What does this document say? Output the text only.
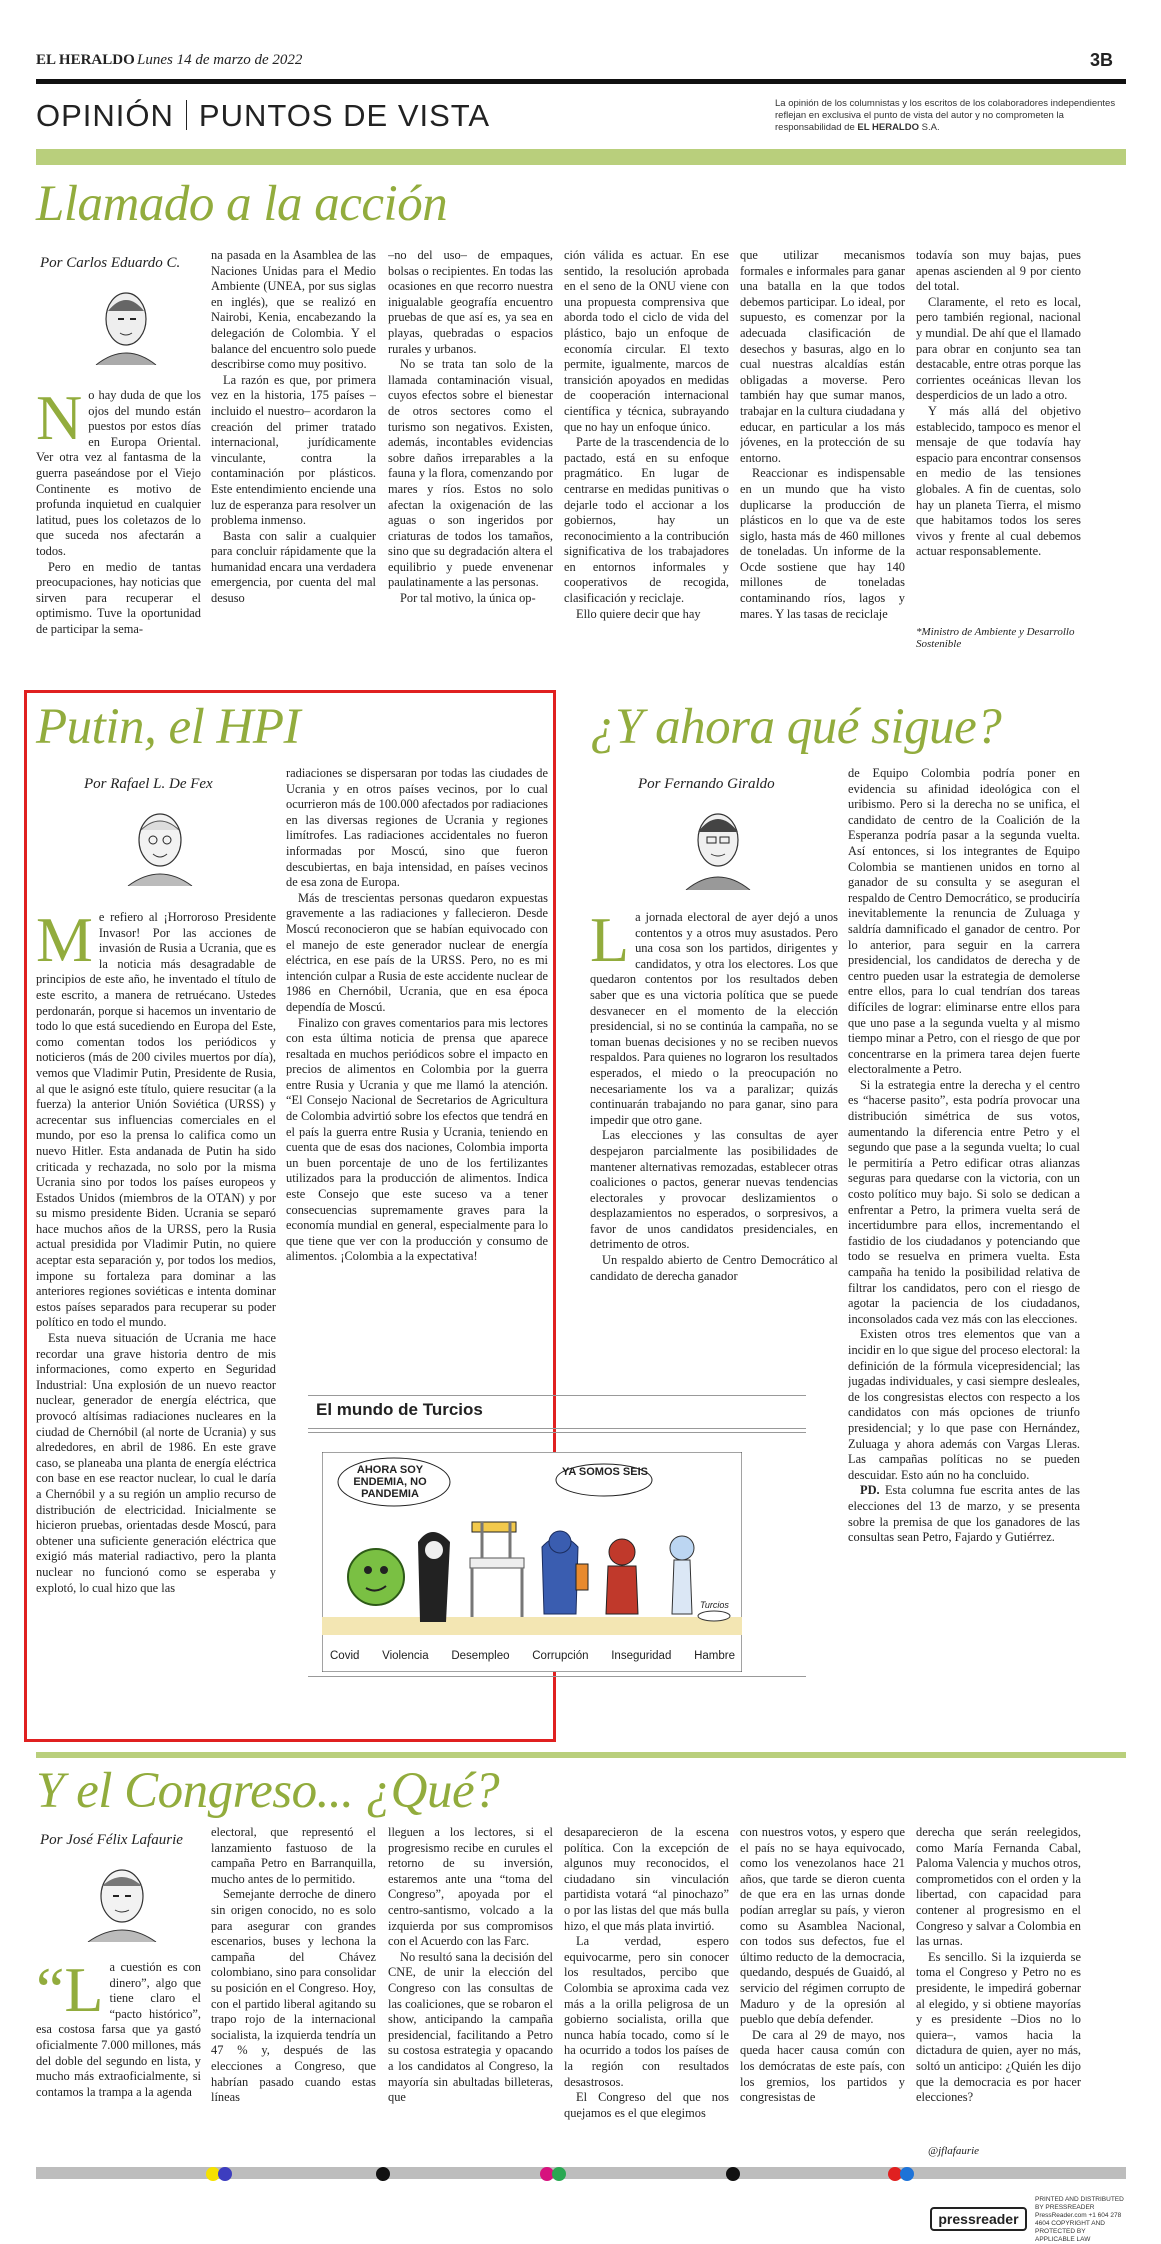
EL HERALDO Lunes 14 de marzo de 2022	3B
OPINIÓN PUNTOS DE VISTA	La opinión de los columnistas y los escritos de los colaboradores independientes reflejan en exclusiva el punto de vista del autor y no comprometen la responsabilidad de EL HERALDO S.A.
Llamado a la acción
Por Carlos Eduardo C.
N o hay duda de que los ojos del mundo están puestos por estos días en Europa Oriental. Ver otra vez al fantasma de la guerra paseándose por el Viejo Continente es motivo de profunda inquietud en cualquier latitud, pues los coletazos de lo que suceda nos afectarán a todos.

Pero en medio de tantas preocupaciones, hay noticias que sirven para recuperar el optimismo. Tuve la oportunidad de participar la sema-

na pasada en la Asamblea de las Naciones Unidas para el Medio Ambiente (UNEA, por sus siglas en inglés), que se realizó en Nairobi, Kenia, encabezando la delegación de Colombia. Y el balance del encuentro solo puede describirse como muy positivo.

La razón es que, por primera vez en la historia, 175 países –incluido el nuestro– acordaron la creación del primer tratado internacional, jurídicamente vinculante, contra la contaminación por plásticos. Este entendimiento enciende una luz de esperanza para resolver un problema inmenso.

Basta con salir a cualquier para concluir rápidamente que la humanidad encara una verdadera emergencia, por cuenta del mal desuso

–no del uso– de empaques, bolsas o recipientes. En todas las ocasiones en que recorro nuestra inigualable geografía encuentro pruebas de que así es, ya sea en playas, quebradas o espacios rurales y urbanos.

No se trata tan solo de la llamada contaminación visual, cuyos efectos sobre el bienestar de otros sectores como el turismo son negativos. Existen, además, incontables evidencias sobre daños irreparables a la fauna y la flora, comenzando por mares y ríos. Estos no solo afectan la oxigenación de las aguas o son ingeridos por criaturas de todos los tamaños, sino que su degradación altera el equilibrio y puede envenenar paulatinamente a las personas.

Por tal motivo, la única op-

ción válida es actuar. En ese sentido, la resolución aprobada en el seno de la ONU viene con una propuesta comprensiva que aborda todo el ciclo de vida del plástico, bajo un enfoque de economía circular. El texto permite, igualmente, marcos de transición apoyados en medidas de cooperación internacional científica y técnica, subrayando que no hay un enfoque único.

Parte de la trascendencia de lo pactado, está en su enfoque pragmático. En lugar de centrarse en medidas punitivas o dejarle todo el accionar a los gobiernos, hay un reconocimiento a la contribución significativa de los trabajadores en entornos informales y cooperativos de recogida, clasificación y reciclaje.

Ello quiere decir que hay

que utilizar mecanismos formales e informales para ganar una batalla en la que todos debemos participar. Lo ideal, por supuesto, es comenzar por la adecuada clasificación de desechos y basuras, algo en lo cual nuestras alcaldías están obligadas a moverse. Pero también hay que sumar manos, trabajar en la cultura ciudadana y educar, en particular a los más jóvenes, en la protección de su entorno.

Reaccionar es indispensable en un mundo que ha visto duplicarse la producción de plásticos en lo que va de este siglo, hasta más de 460 millones de toneladas. Un informe de la Ocde sostiene que hay 140 millones de toneladas contaminando ríos, lagos y mares. Y las tasas de reciclaje

todavía son muy bajas, pues apenas ascienden al 9 por ciento del total.

Claramente, el reto es local, pero también regional, nacional y mundial. De ahí que el llamado para obrar en conjunto sea tan destacable, entre otras porque las corrientes oceánicas llevan los desperdicios de un lado a otro.

Y más allá del objetivo establecido, tampoco es menor el mensaje de que todavía hay espacio para encontrar consensos en medio de las tensiones globales. A fin de cuentas, solo hay un planeta Tierra, el mismo que habitamos todos los seres vivos y frente al cual debemos actuar responsablemente.

*Ministro de Ambiente y Desarrollo Sostenible
Putin, el HPI
Por Rafael L. De Fex
M e refiero al ¡Horroroso Presidente Invasor! Por las acciones de invasión de Rusia a Ucrania, que es la noticia más desagradable de principios de este año, he inventado el título de este escrito, a manera de retruécano. Ustedes perdonarán, porque si hacemos un inventario de todo lo que está sucediendo en Europa del Este, como comentan todos los periódicos y noticieros (más de 200 civiles muertos por día), vemos que Vladimir Putin, Presidente de Rusia, al que le asignó este título, quiere resucitar (a la fuerza) la anterior Unión Soviética (URSS) y acrecentar sus influencias comerciales en el mundo, por eso la prensa lo califica como un nuevo Hitler. Esta andanada de Putin ha sido criticada y rechazada, no solo por la misma Ucrania sino por todos los países europeos y Estados Unidos (miembros de la OTAN) y por su mismo presidente Biden. Ucrania se separó hace muchos años de la URSS, pero la Rusia actual presidida por Vladimir Putin, no quiere aceptar esta separación y, por todos los medios, impone su fortaleza para dominar a las anteriores regiones soviéticas e intenta dominar estos países separados para recuperar su poder político en todo el mundo.

Esta nueva situación de Ucrania me hace recordar una grave historia dentro de mis informaciones, como experto en Seguridad Industrial: Una explosión de un nuevo reactor nuclear, generador de energía eléctrica, que provocó altísimas radiaciones nucleares en la ciudad de Chernóbil (al norte de Ucrania) y sus alrededores, en abril de 1986. En este grave caso, se planeaba una planta de energía eléctrica con base en ese reactor nuclear, lo cual le daría a Chernóbil y a su región un amplio recurso de distribución de electricidad. Inicialmente se hicieron pruebas, orientadas desde Moscú, para obtener una suficiente generación eléctrica que exigió más material radiactivo, pero la planta nuclear no funcionó como se esperaba y explotó, lo cual hizo que las

radiaciones se dispersaran por todas las ciudades de Ucrania y en otros países vecinos, por lo cual ocurrieron más de 100.000 afectados por radiaciones en las diversas regiones de Ucrania y regiones limítrofes. Las radiaciones accidentales no fueron informadas por Moscú, sino que fueron descubiertas, en baja intensidad, en países vecinos de esa zona de Europa.

Más de trescientas personas quedaron expuestas gravemente a las radiaciones y fallecieron. Desde Moscú reconocieron que se habían equivocado con el manejo de este generador nuclear de energía eléctrica, en ese país de la URSS. Pero, no es mi intención culpar a Rusia de este accidente nuclear de 1986 en Chernóbil, Ucrania, que en esa época dependía de Moscú.

Finalizo con graves comentarios para mis lectores con esta última noticia de prensa que aparece resaltada en muchos periódicos sobre el impacto en precios de alimentos en Colombia por la guerra entre Rusia y Ucrania y que me llamó la atención. “El Consejo Nacional de Secretarios de Agricultura de Colombia advirtió sobre los efectos que tendrá en el país la guerra entre Rusia y Ucrania, teniendo en cuenta que de esas dos naciones, Colombia importa un buen porcentaje de uno de los fertilizantes utilizados para la producción de alimentos. Indica este Consejo que este suceso va a tener consecuencias supremamente graves para la economía mundial en general, especialmente para lo que tiene que ver con la producción y consumo de alimentos. ¡Colombia a la expectativa!

El mundo de Turcios
AHORA SOY ENDEMIA, NO PANDEMIA
YA SOMOS SEIS
Turcios
Covid Violencia Desempleo Corrupción Inseguridad Hambre
¿Y ahora qué sigue?
Por Fernando Giraldo
L a jornada electoral de ayer dejó a unos contentos y a otros muy asustados. Pero una cosa son los partidos, dirigentes y candidatos, y otra los electores. Los que quedaron contentos por los resultados deben saber que es una victoria política que se puede desvanecer en el momento de la elección presidencial, si no se continúa la campaña, no se toman buenas decisiones y no se reciben nuevos respaldos. Para quienes no lograron los resultados esperados, el miedo o la preocupación no necesariamente los va a paralizar; quizás continuarán trabajando no para ganar, sino para impedir que otro gane.

Las elecciones y las consultas de ayer despejaron parcialmente las posibilidades de mantener alternativas remozadas, establecer otras coaliciones o pactos, generar nuevas tendencias electorales y provocar deslizamientos o desplazamientos no esperados, o sorpresivos, a favor de unos candidatos presidenciales, en detrimento de otros.

Un respaldo abierto de Centro Democrático al candidato de derecha ganador

de Equipo Colombia podría poner en evidencia su afinidad ideológica con el uribismo. Pero si la derecha no se unifica, el candidato de centro de la Coalición de la Esperanza podría pasar a la segunda vuelta. Así entonces, si los integrantes de Equipo Colombia se mantienen unidos en torno al ganador de su consulta y se aseguran el respaldo de Centro Democrático, se produciría inevitablemente la renuncia de Zuluaga y saldría damnificado el ganador de centro. Por lo anterior, para seguir en la carrera presidencial, los candidatos de derecha y de centro pueden usar la estrategia de demolerse entre ellos, para lo cual tendrían dos tareas difíciles de lograr: eliminarse entre ellos para que uno pase a la segunda vuelta y al mismo tiempo minar a Petro, con el riesgo de que por concentrarse en la primera tarea dejen fuerte electoralmente a Petro.

Si la estrategia entre la derecha y el centro es “hacerse pasito”, esta podría provocar una distribución simétrica de sus votos, aumentando la diferencia entre Petro y el segundo que pase a la segunda vuelta; lo cual le permitiría a Petro edificar otras alianzas seguras para quedarse con la victoria, con un costo político muy bajo. Si solo se dedican a enfrentar a Petro, la primera vuelta será de incertidumbre para ellos, incrementando el fastidio de los ciudadanos y potenciando que todo se resuelva en primera vuelta. Esta campaña ha tenido la posibilidad relativa de filtrar los candidatos, pero con el riesgo de agotar la paciencia de los ciudadanos, inconsolados cada vez más con las elecciones.

Existen otros tres elementos que van a incidir en lo que sigue del proceso electoral: la definición de la fórmula vicepresidencial; las jugadas individuales, y casi siempre desleales, de los congresistas electos con respecto a los candidatos con más opciones de triunfo presidencial; y lo que pase con Hernández, Zuluaga y ahora además con Vargas Lleras. Las campañas políticas no se pueden descuidar. Esto aún no ha concluido.

PD. Esta columna fue escrita antes de las elecciones del 13 de marzo, y se presenta sobre la premisa de que los ganadores de las consultas sean Petro, Fajardo y Gutiérrez.

Y el Congreso... ¿Qué?
Por José Félix Lafaurie
“L a cuestión es con dinero”, algo que tiene claro el “pacto histórico”, esa costosa farsa que ya gastó oficialmente 7.000 millones, más del doble del segundo en lista, y mucho más extraoficialmente, si contamos la trampa a la agenda

electoral, que representó el lanzamiento fastuoso de la campaña Petro en Barranquilla, mucho antes de lo permitido.

Semejante derroche de dinero sin origen conocido, no es solo para asegurar con grandes escenarios, buses y lechona la campaña del Chávez colombiano, sino para consolidar su posición en el Congreso. Hoy, con el partido liberal agitando su trapo rojo de la internacional socialista, la izquierda tendría un 47 % y, después de las elecciones a Congreso, que habrían pasado cuando estas líneas

lleguen a los lectores, si el progresismo recibe en curules el retorno de su inversión, estaremos ante una “toma del Congreso”, apoyada por el centro-santismo, volcado a la izquierda por sus compromisos con el Acuerdo con las Farc.

No resultó sana la decisión del CNE, de unir la elección del Congreso con las consultas de las coaliciones, que se robaron el show, anticipando la campaña presidencial, facilitando a Petro su costosa estrategia y opacando a los candidatos al Congreso, la mayoría sin abultadas billeteras, que

desaparecieron de la escena política. Con la excepción de algunos muy reconocidos, el ciudadano sin vinculación partidista votará “al pinochazo” o por las listas del que más bulla hizo, el que más plata invirtió.

La verdad, espero equivocarme, pero sin conocer los resultados, percibo que Colombia se aproxima cada vez más a la orilla peligrosa de un gobierno socialista, orilla que nunca había tocado, como sí le ha ocurrido a todos los países de la región con resultados desastrosos.

El Congreso del que nos quejamos es el que elegimos

con nuestros votos, y espero que el país no se haya equivocado, como los venezolanos hace 21 años, que tarde se dieron cuenta de que era en las urnas donde podían arreglar su país, y vieron como su Asamblea Nacional, con todos sus defectos, fue el último reducto de la democracia, quedando, después de Guaidó, al servicio del régimen corrupto de Maduro y de la opresión al pueblo que debía defender.

De cara al 29 de mayo, nos queda hacer causa común con los demócratas de este país, con los gremios, los partidos y congresistas de

derecha que serán reelegidos, como María Fernanda Cabal, Paloma Valencia y muchos otros, comprometidos con el orden y la libertad, con capacidad para contener al progresismo en el Congreso y salvar a Colombia en las urnas.

Es sencillo. Si la izquierda se toma el Congreso y Petro no es presidente, le impedirá gobernar al elegido, y si obtiene mayorías y es presidente –Dios no lo quiera–, vamos hacia la dictadura de quien, ayer no más, soltó un anticipo: ¿Quién les dijo que la democracia es por hacer elecciones?

@jflafaurie
pressreader PRINTED AND DISTRIBUTED BY PRESSREADER PressReader.com +1 604 278 4604 COPYRIGHT AND PROTECTED BY APPLICABLE LAW
